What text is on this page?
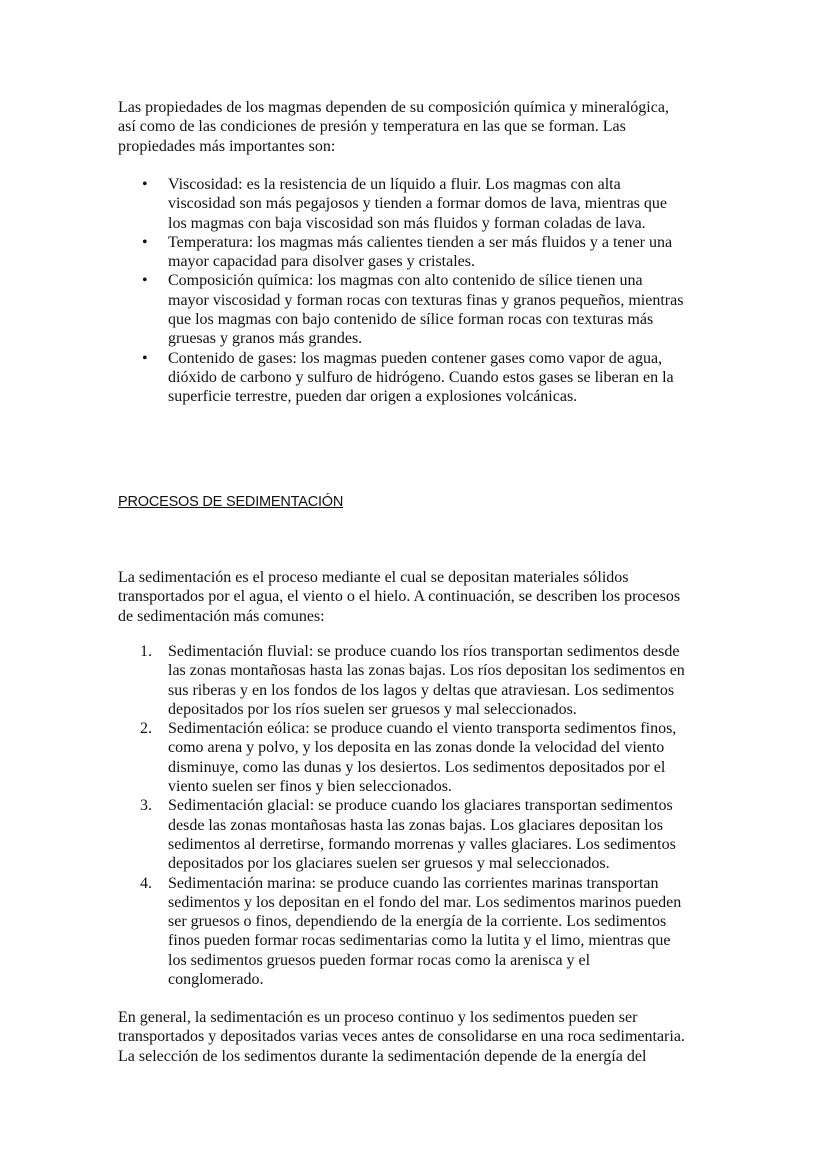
Las propiedades de los magmas dependen de su composición química y mineralógica,
así como de las condiciones de presión y temperatura en las que se forman. Las
propiedades más importantes son:
• Viscosidad: es la resistencia de un líquido a fluir. Los magmas con alta
viscosidad son más pegajosos y tienden a formar domos de lava, mientras que
los magmas con baja viscosidad son más fluidos y forman coladas de lava.
• Temperatura: los magmas más calientes tienden a ser más fluidos y a tener una
mayor capacidad para disolver gases y cristales.
• Composición química: los magmas con alto contenido de sílice tienen una
mayor viscosidad y forman rocas con texturas finas y granos pequeños, mientras
que los magmas con bajo contenido de sílice forman rocas con texturas más
gruesas y granos más grandes.
• Contenido de gases: los magmas pueden contener gases como vapor de agua,
dióxido de carbono y sulfuro de hidrógeno. Cuando estos gases se liberan en la
superficie terrestre, pueden dar origen a explosiones volcánicas.
PROCESOS DE SEDIMENTACIÓN
La sedimentación es el proceso mediante el cual se depositan materiales sólidos
transportados por el agua, el viento o el hielo. A continuación, se describen los procesos
de sedimentación más comunes:
1. Sedimentación fluvial: se produce cuando los ríos transportan sedimentos desde
las zonas montañosas hasta las zonas bajas. Los ríos depositan los sedimentos en
sus riberas y en los fondos de los lagos y deltas que atraviesan. Los sedimentos
depositados por los ríos suelen ser gruesos y mal seleccionados.
2. Sedimentación eólica: se produce cuando el viento transporta sedimentos finos,
como arena y polvo, y los deposita en las zonas donde la velocidad del viento
disminuye, como las dunas y los desiertos. Los sedimentos depositados por el
viento suelen ser finos y bien seleccionados.
3. Sedimentación glacial: se produce cuando los glaciares transportan sedimentos
desde las zonas montañosas hasta las zonas bajas. Los glaciares depositan los
sedimentos al derretirse, formando morrenas y valles glaciares. Los sedimentos
depositados por los glaciares suelen ser gruesos y mal seleccionados.
4. Sedimentación marina: se produce cuando las corrientes marinas transportan
sedimentos y los depositan en el fondo del mar. Los sedimentos marinos pueden
ser gruesos o finos, dependiendo de la energía de la corriente. Los sedimentos
finos pueden formar rocas sedimentarias como la lutita y el limo, mientras que
los sedimentos gruesos pueden formar rocas como la arenisca y el
conglomerado.
En general, la sedimentación es un proceso continuo y los sedimentos pueden ser
transportados y depositados varias veces antes de consolidarse en una roca sedimentaria.
La selección de los sedimentos durante la sedimentación depende de la energía del
